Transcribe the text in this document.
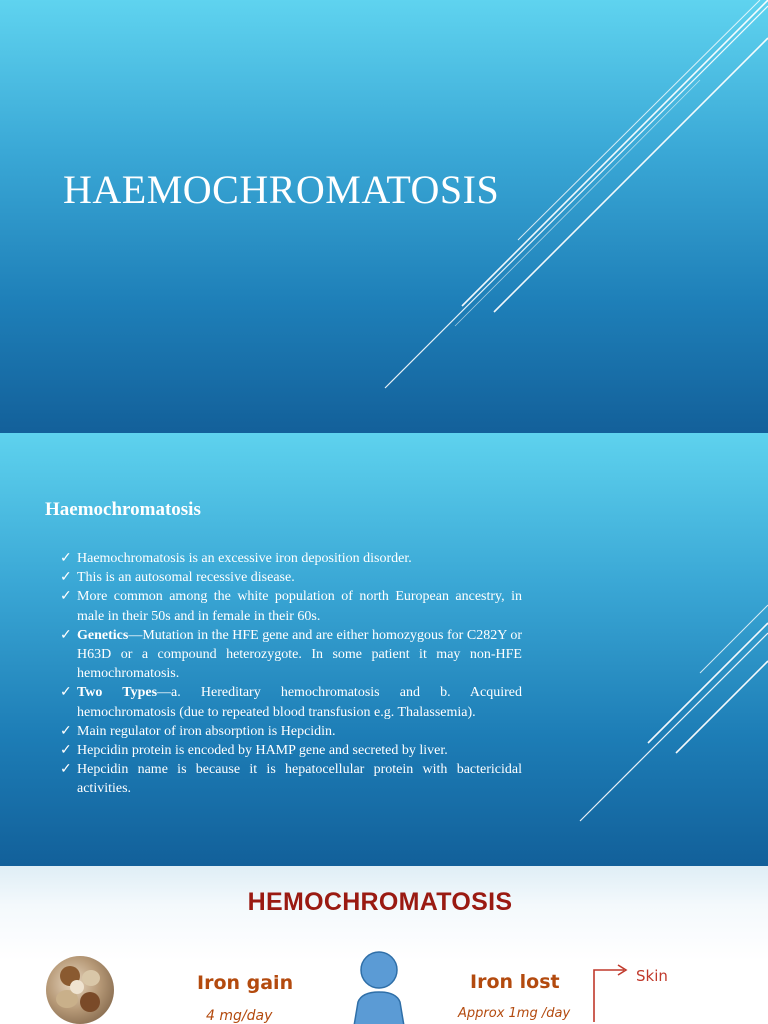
HAEMOCHROMATOSIS
Haemochromatosis
✓ Haemochromatosis is an excessive iron deposition disorder.
✓ This is an autosomal recessive disease.
✓ More common among the white population of north European ancestry, in male in their 50s and in female in their 60s.
✓ Genetics—Mutation in the HFE gene and are either homozygous for C282Y or H63D or a compound heterozygote. In some patient it may non-HFE hemochromatosis.
✓ Two Types—a. Hereditary hemochromatosis and b. Acquired hemochromatosis (due to repeated blood transfusion e.g. Thalassemia).
✓ Main regulator of iron absorption is Hepcidin.
✓ Hepcidin protein is encoded by HAMP gene and secreted by liver.
✓ Hepcidin name is because it is hepatocellular protein with bactericidal activities.
HEMOCHROMATOSIS
Iron gain
4 mg/day
Iron lost
Approx 1mg /day
Skin
